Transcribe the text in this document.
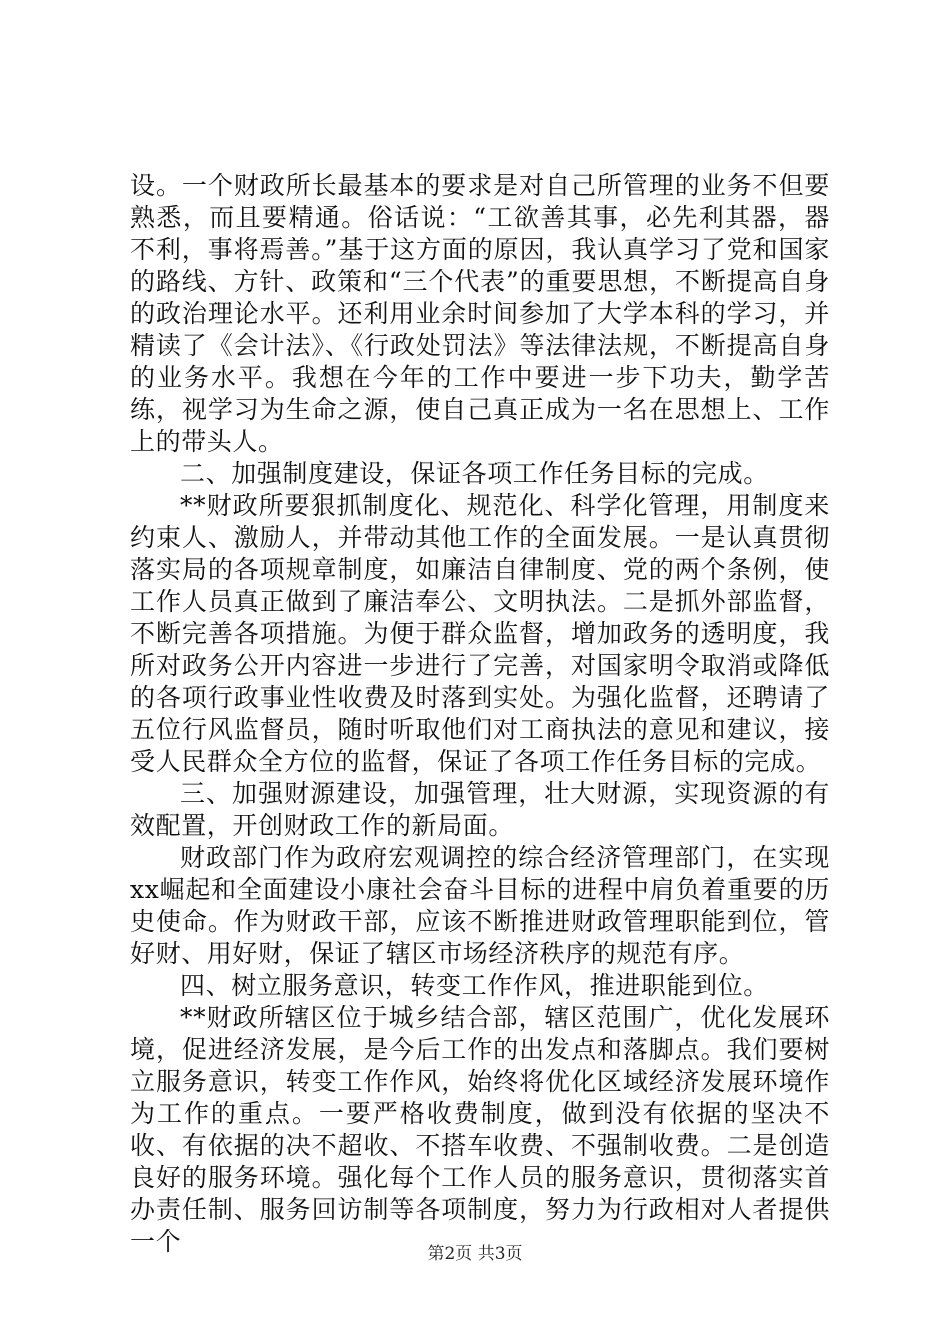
设。一个财政所长最基本的要求是对自己所管理的业务不但要熟悉，而且要精通。俗话说：“工欲善其事，必先利其器，器不利，事将焉善。”基于这方面的原因，我认真学习了党和国家的路线、方针、政策和“三个代表”的重要思想，不断提高自身的政治理论水平。还利用业余时间参加了大学本科的学习，并精读了《会计法》、《行政处罚法》等法律法规，不断提高自身的业务水平。我想在今年的工作中要进一步下功夫，勤学苦练，视学习为生命之源，使自己真正成为一名在思想上、工作上的带头人。

二、加强制度建设，保证各项工作任务目标的完成。

**财政所要狠抓制度化、规范化、科学化管理，用制度来约束人、激励人，并带动其他工作的全面发展。一是认真贯彻落实局的各项规章制度，如廉洁自律制度、党的两个条例，使工作人员真正做到了廉洁奉公、文明执法。二是抓外部监督，不断完善各项措施。为便于群众监督，增加政务的透明度，我所对政务公开内容进一步进行了完善，对国家明令取消或降低的各项行政事业性收费及时落到实处。为强化监督，还聘请了五位行风监督员，随时听取他们对工商执法的意见和建议，接受人民群众全方位的监督，保证了各项工作任务目标的完成。

三、加强财源建设，加强管理，壮大财源，实现资源的有效配置，开创财政工作的新局面。

财政部门作为政府宏观调控的综合经济管理部门，在实现xx崛起和全面建设小康社会奋斗目标的进程中肩负着重要的历史使命。作为财政干部，应该不断推进财政管理职能到位，管好财、用好财，保证了辖区市场经济秩序的规范有序。

四、树立服务意识，转变工作作风，推进职能到位。

**财政所辖区位于城乡结合部，辖区范围广，优化发展环境，促进经济发展，是今后工作的出发点和落脚点。我们要树立服务意识，转变工作作风，始终将优化区域经济发展环境作为工作的重点。一要严格收费制度，做到没有依据的坚决不收、有依据的决不超收、不搭车收费、不强制收费。二是创造良好的服务环境。强化每个工作人员的服务意识，贯彻落实首办责任制、服务回访制等各项制度，努力为行政相对人者提供一个	第2页 共3页
